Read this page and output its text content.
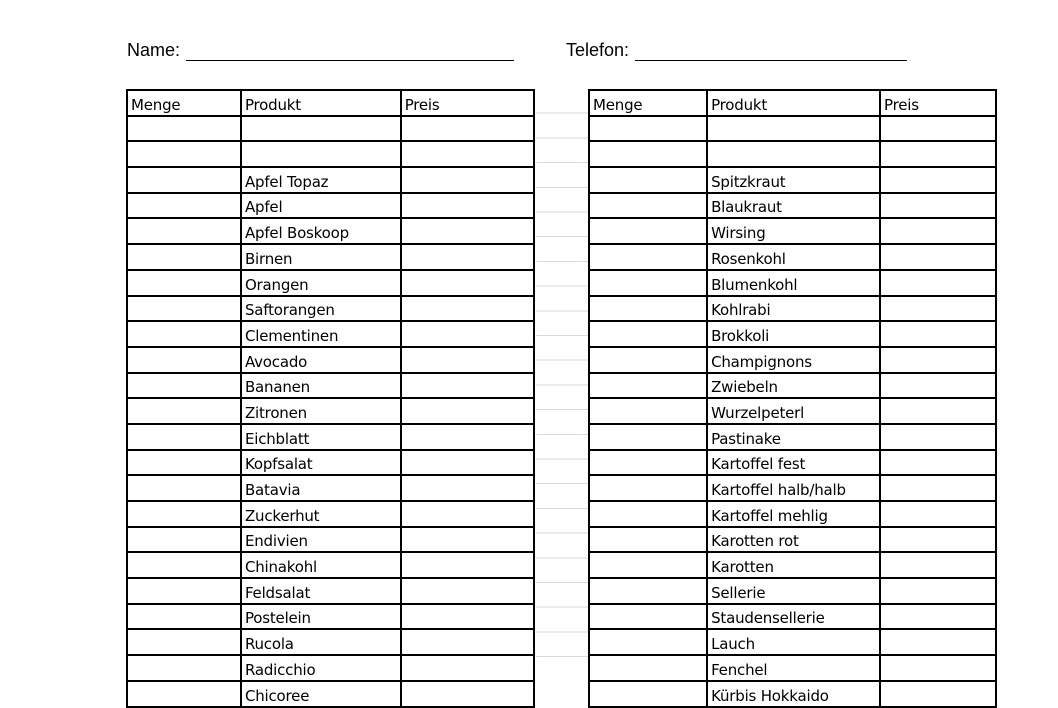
Name:	Telefon:
Menge	Produkt	Preis

	Apfel Topaz	
	Apfel	
	Apfel Boskoop	
	Birnen	
	Orangen	
	Saftorangen	
	Clementinen	
	Avocado	
	Bananen	
	Zitronen	
	Eichblatt	
	Kopfsalat	
	Batavia	
	Zuckerhut	
	Endivien	
	Chinakohl	
	Feldsalat	
	Postelein	
	Rucola	
	Radicchio	
	Chicoree	
Menge	Produkt	Preis

	Spitzkraut	
	Blaukraut	
	Wirsing	
	Rosenkohl	
	Blumenkohl	
	Kohlrabi	
	Brokkoli	
	Champignons	
	Zwiebeln	
	Wurzelpeterl	
	Pastinake	
	Kartoffel fest	
	Kartoffel halb/halb	
	Kartoffel mehlig	
	Karotten rot	
	Karotten	
	Sellerie	
	Staudensellerie	
	Lauch	
	Fenchel	
	Kürbis Hokkaido	
